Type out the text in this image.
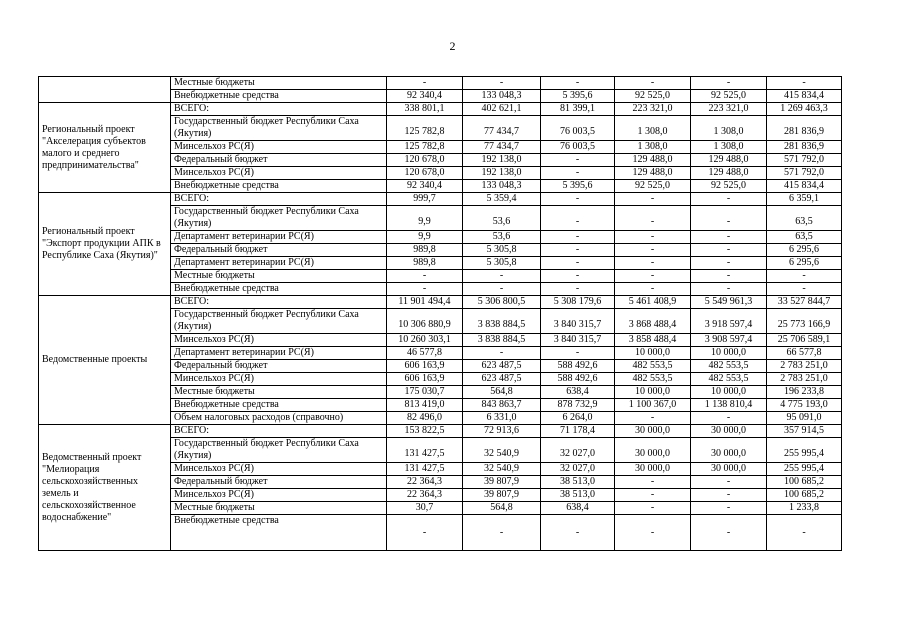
2
	Местные бюджеты	-	-	-	-	-	-
	Внебюджетные средства	92 340,4	133 048,3	5 395,6	92 525,0	92 525,0	415 834,4
Региональный проект "Акселерация субъектов малого и среднего предпринимательства"	ВСЕГО:	338 801,1	402 621,1	81 399,1	223 321,0	223 321,0	1 269 463,3
	Государственный бюджет Республики Саха (Якутия)	125 782,8	77 434,7	76 003,5	1 308,0	1 308,0	281 836,9
	Минсельхоз РС(Я)	125 782,8	77 434,7	76 003,5	1 308,0	1 308,0	281 836,9
	Федеральный бюджет	120 678,0	192 138,0	-	129 488,0	129 488,0	571 792,0
	Минсельхоз РС(Я)	120 678,0	192 138,0	-	129 488,0	129 488,0	571 792,0
	Внебюджетные средства	92 340,4	133 048,3	5 395,6	92 525,0	92 525,0	415 834,4
Региональный проект "Экспорт продукции АПК в Республике Саха (Якутия)"	ВСЕГО:	999,7	5 359,4	-	-	-	6 359,1
	Государственный бюджет Республики Саха (Якутия)	9,9	53,6	-	-	-	63,5
	Департамент ветеринарии РС(Я)	9,9	53,6	-	-	-	63,5
	Федеральный бюджет	989,8	5 305,8	-	-	-	6 295,6
	Департамент ветеринарии РС(Я)	989,8	5 305,8	-	-	-	6 295,6
	Местные бюджеты	-	-	-	-	-	-
	Внебюджетные средства	-	-	-	-	-	-
Ведомственные проекты	ВСЕГО:	11 901 494,4	5 306 800,5	5 308 179,6	5 461 408,9	5 549 961,3	33 527 844,7
	Государственный бюджет Республики Саха (Якутия)	10 306 880,9	3 838 884,5	3 840 315,7	3 868 488,4	3 918 597,4	25 773 166,9
	Минсельхоз РС(Я)	10 260 303,1	3 838 884,5	3 840 315,7	3 858 488,4	3 908 597,4	25 706 589,1
	Департамент ветеринарии РС(Я)	46 577,8	-	-	10 000,0	10 000,0	66 577,8
	Федеральный бюджет	606 163,9	623 487,5	588 492,6	482 553,5	482 553,5	2 783 251,0
	Минсельхоз РС(Я)	606 163,9	623 487,5	588 492,6	482 553,5	482 553,5	2 783 251,0
	Местные бюджеты	175 030,7	564,8	638,4	10 000,0	10 000,0	196 233,8
	Внебюджетные средства	813 419,0	843 863,7	878 732,9	1 100 367,0	1 138 810,4	4 775 193,0
	Объем налоговых расходов (справочно)	82 496,0	6 331,0	6 264,0	-	-	95 091,0
Ведомственный проект "Мелиорация сельскохозяйственных земель и сельскохозяйственное водоснабжение"	ВСЕГО:	153 822,5	72 913,6	71 178,4	30 000,0	30 000,0	357 914,5
	Государственный бюджет Республики Саха (Якутия)	131 427,5	32 540,9	32 027,0	30 000,0	30 000,0	255 995,4
	Минсельхоз РС(Я)	131 427,5	32 540,9	32 027,0	30 000,0	30 000,0	255 995,4
	Федеральный бюджет	22 364,3	39 807,9	38 513,0	-	-	100 685,2
	Минсельхоз РС(Я)	22 364,3	39 807,9	38 513,0	-	-	100 685,2
	Местные бюджеты	30,7	564,8	638,4	-	-	1 233,8
	Внебюджетные средства	-	-	-	-	-	-
